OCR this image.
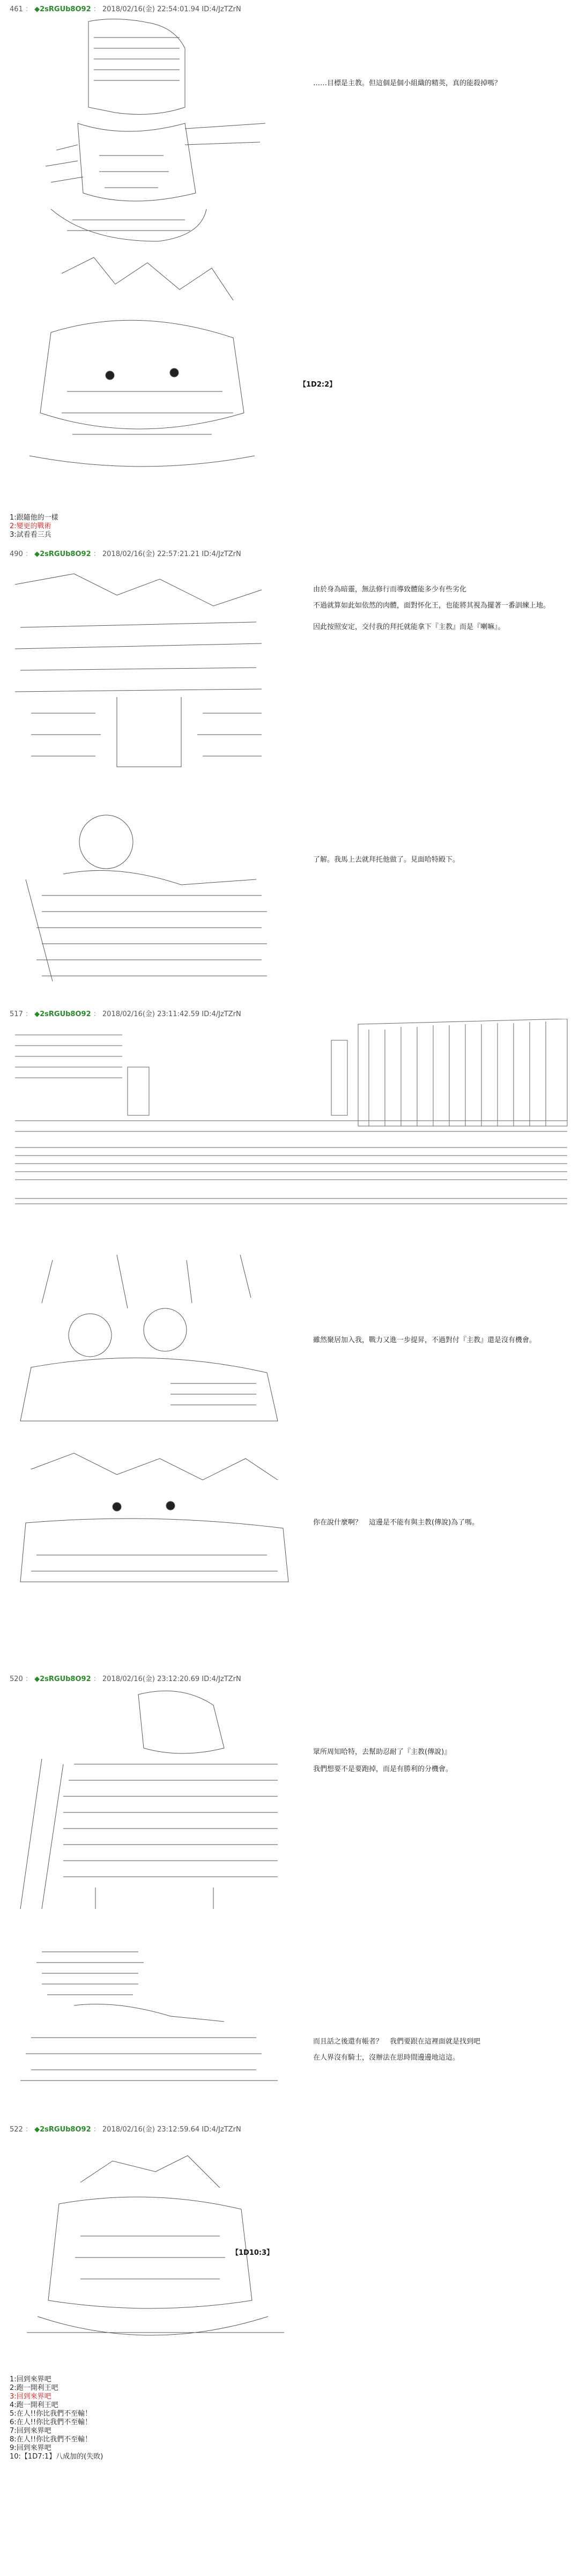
461 ： ◆2sRGUb8O92 ： 2018/02/16(金) 22:54:01.94 ID:4/JzTZrN
……目標是主教。但這個是個小組織的精英，真的能殺掉嗎？
【1D2:2】
1:跟隨他的一樣
2:變更的戰術
3:試看看三兵
490 ： ◆2sRGUb8O92 ： 2018/02/16(金) 22:57:21.21 ID:4/JzTZrN
由於身為暗靈，無法修行而導致體能多少有些劣化
不過就算如此如依然的肉體，面對怀化王，也能將其視為擺著一番訓練上地。
因此按照安定，交付我的拜托就能拿下『主教』而是『喇嘛』。
了解。我馬上去就拜托他做了。見面哈特殿下。
517 ： ◆2sRGUb8O92 ： 2018/02/16(金) 23:11:42.59 ID:4/JzTZrN
雖然聚居加入我，戰力又進一步提昇，不過對付『主教』還是沒有機會。
你在說什麼啊？　這邊是不能有與主教(傳說)為了嗎。
520 ： ◆2sRGUb8O92 ： 2018/02/16(金) 23:12:20.69 ID:4/JzTZrN
眾所周知哈特，去幫助忍耐了『主教(傳說)』
我們想要不是要跑掉，而是有勝利的分機會。
而且話之後還有帳者？　我們要跟在這裡面就是找到吧
在人界沒有騎士，沒辦法在思時間邊邊地這這。
522 ： ◆2sRGUb8O92 ： 2018/02/16(金) 23:12:59.64 ID:4/JzTZrN
【1D10:3】
1:回到來界吧
2:跑一開利王吧
3:回到來界吧
4:跑一開利王吧
5:在人!!你比我們不至輸！
6:在人!!你比我們不至輸！
7:回到來界吧
8:在人!!你比我們不至輸！
9:回到來界吧
10:【1D7:1】八成加的(失敗)
